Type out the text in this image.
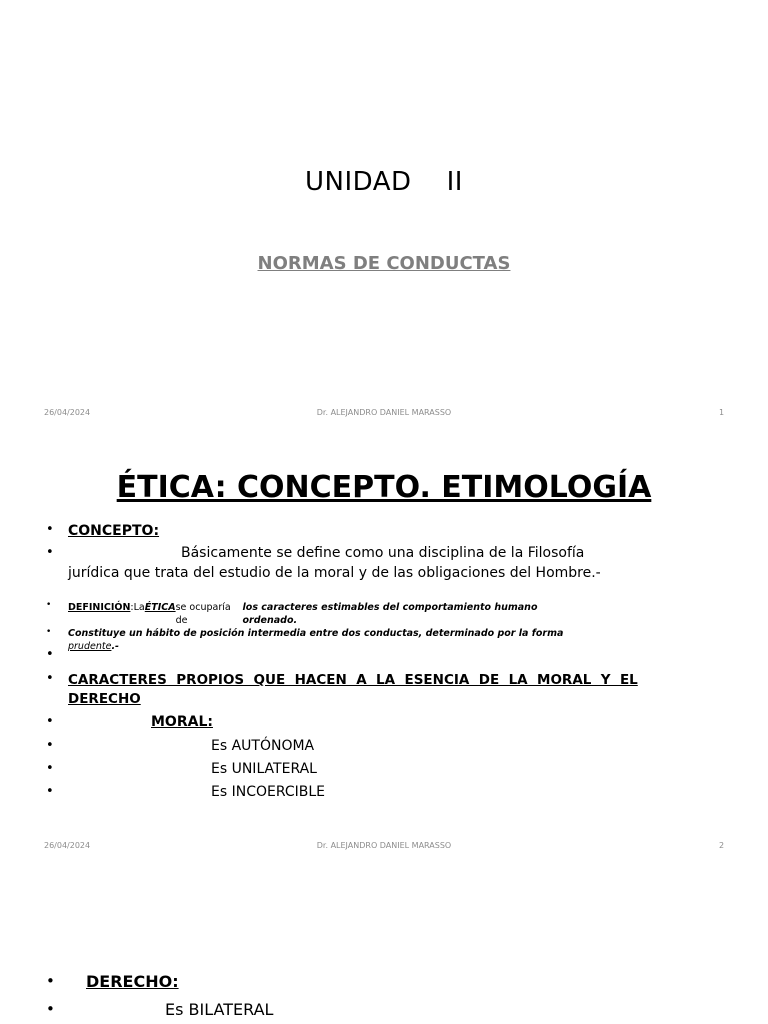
UNIDAD    II
NORMAS DE CONDUCTAS
26/04/2024	Dr. ALEJANDRO DANIEL MARASSO	1
ÉTICA: CONCEPTO. ETIMOLOGÍA
• CONCEPTO:
•	Básicamente se define como una disciplina de la Filosofía
jurídica que trata del estudio de la moral y de las obligaciones del Hombre.-
• DEFINICIÓN: La ÉTICA se ocuparía de
los caracteres estimables del comportamiento humano ordenado.
Constituye un hábito de posición intermedia entre dos conductas, determinado por la forma prudente.-
•
•
• CARACTERES  PROPIOS  QUE  HACEN  A  LA  ESENCIA  DE  LA  MORAL  Y  EL
DERECHO
•	MORAL:
•	Es AUTÓNOMA
•	Es UNILATERAL
•	Es INCOERCIBLE
26/04/2024	Dr. ALEJANDRO DANIEL MARASSO	2
• DERECHO:
•	Es BILATERAL
